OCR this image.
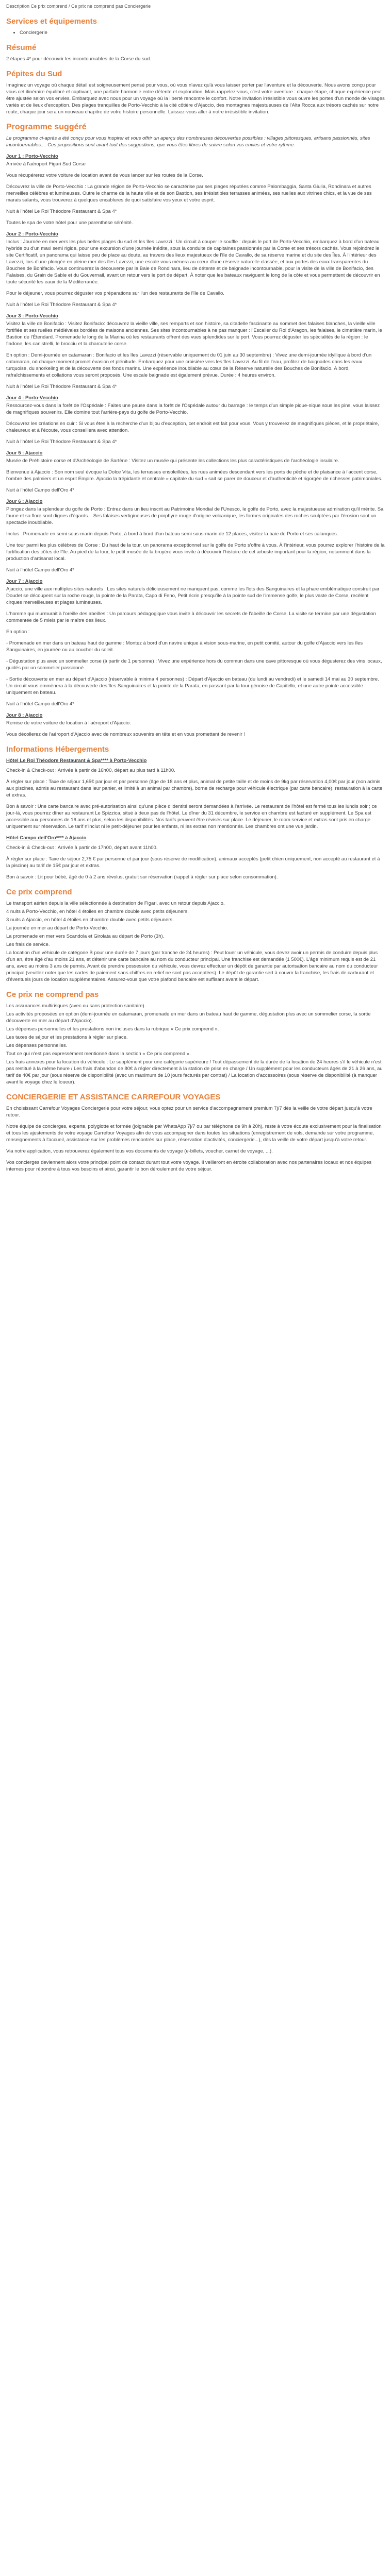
Description Ce prix comprend / Ce prix ne comprend pas Conciergerie
Services et équipements
• Conciergerie
Résumé

2 étapes 4* pour découvrir les incontournables de la Corse du sud.

Pépites du Sud

Imaginez un voyage où chaque détail est soigneusement pensé pour vous, où vous n'avez qu'à vous laisser porter par l'aventure et la découverte. Nous avons conçu pour vous cet itinéraire équilibré et captivant, une parfaite harmonie entre détente et exploration. Mais rappelez-vous, c'est votre aventure : chaque étape, chaque expérience peut être ajustée selon vos envies. Embarquez avec nous pour un voyage où la liberté rencontre le confort. Notre invitation irrésistible vous ouvre les portes d'un monde de visages variés et de lieux d'exception. Des plages tranquilles de Porto-Vecchio à la cité côtière d'Ajaccio, des montagnes majestueuses de l'Alta Rocca aux trésors cachés sur notre route, chaque jour sera un nouveau chapitre de votre histoire personnelle. Laissez-vous aller à notre irrésistible invitation.

Programme suggéré

Le programme ci-après a été conçu pour vous inspirer et vous offrir un aperçu des nombreuses découvertes possibles : villages pittoresques, artisans passionnés, sites incontournables.... Ces propositions sont avant tout des suggestions, que vous êtes libres de suivre selon vos envies et votre rythme.

Jour 1 : Porto-Vecchio

Arrivée à l'aéroport Figari Sud Corse

Vous récupérerez votre voiture de location avant de vous lancer sur les routes de la Corse.

Découvrez la ville de Porto-Vecchio : La grande région de Porto-Vecchio se caractérise par ses plages réputées comme Palombaggia, Santa Giulia, Rondinara et autres merveilles célèbres et lumineuses. Outre le charme de la haute ville et de son Bastion, ses irrésistibles terrasses animées, ses ruelles aux vitrines chics, et la vue de ses marais salants, vous trouverez à quelques encablures de quoi satisfaire vos yeux et votre esprit.

Nuit à l'hôtel Le Roi Théodore Restaurant & Spa 4*

Toutes le spa de votre hôtel pour une parenthèse sérénité.

Jour 2 : Porto-Vecchio

Inclus : Journée en mer vers les plus belles plages du sud et les îles Lavezzi : Un circuit à couper le souffle : depuis le port de Porto-Vecchio, embarquez à bord d'un bateau hybride ou d'un maxi semi rigide, pour une excursion d'une journée inédite, sous la conduite de capitaines passionnés par la Corse et ses trésors cachés. Vous rejoindrez le site Certificatif, un panorama qui laisse peu de place au doute, au travers des lieux majestueux de l'île de Cavallo, de sa réserve marine et du site des Îles. À l'intérieur des Lavezzi, lors d'une plongée en pleine mer des îles Lavezzi, une escale vous mènera au cœur d'une réserve naturelle classée, et aux portes des eaux transparentes du Bouches de Bonifacio. Vous continuerez la découverte par la Baie de Rondinara, lieu de détente et de baignade incontournable, pour la visite de la ville de Bonifacio, des Falaises, du Grain de Sable et du Gouvernail, avant un retour vers le port de départ. À noter que les bateaux naviguent le long de la côte et vous permettent de découvrir en toute sécurité les eaux de la Méditerranée.

Pour le déjeuner, vous pourrez déguster vos préparations sur l'un des restaurants de l'île de Cavallo.

Nuit à l'hôtel Le Roi Théodore Restaurant & Spa 4*

Jour 3 : Porto-Vecchio

Visitez la ville de Bonifacio : Visitez Bonifacio: découvrez la vieille ville, ses remparts et son histoire, sa citadelle fascinante au sommet des falaises blanches, la vieille ville fortifiée et ses ruelles médiévales bordées de maisons anciennes. Ses sites incontournables à ne pas manquer : l'Escalier du Roi d'Aragon, les falaises, le cimetière marin, le Bastion de l'Étendard. Promenade le long de la Marina où les restaurants offrent des vues splendides sur le port. Vous pourrez déguster les spécialités de la région : le fiadone, les canistrelli, le brocciu et la charcuterie corse.

En option : Demi-journée en catamaran : Bonifacio et les îles Lavezzi (réservable uniquement du 01 juin au 30 septembre) : Vivez une demi-journée idyllique à bord d'un catamaran, où chaque moment promet évasion et plénitude. Embarquez pour une croisière vers les îles Lavezzi. Au fil de l'eau, profitez de baignades dans les eaux turquoise, du snorkeling et de la découverte des fonds marins. Une expérience inoubliable au cœur de la Réserve naturelle des Bouches de Bonifacio. À bord, rafraîchissements et collations vous seront proposés. Une escale baignade est également prévue. Durée : 4 heures environ.

Nuit à l'hôtel Le Roi Théodore Restaurant & Spa 4*

Jour 4 : Porto-Vecchio

Ressourcez-vous dans la forêt de l'Ospédale : Faites une pause dans la forêt de l'Ospédale autour du barrage : le temps d'un simple pique-nique sous les pins, vous laissez de magnifiques souvenirs. Elle domine tout l'arrière-pays du golfe de Porto-Vecchio.

Découvrez les créations en cuir : Si vous êtes à la recherche d'un bijou d'exception, cet endroit est fait pour vous. Vous y trouverez de magnifiques pièces, et le propriétaire, chaleureux et à l'écoute, vous conseillera avec attention.

Nuit à l'hôtel Le Roi Théodore Restaurant & Spa 4*

Jour 5 : Ajaccio

Musée de Préhistoire corse et d'Archéologie de Sartène : Visitez un musée qui présente les collections les plus caractéristiques de l'archéologie insulaire.

Bienvenue à Ajaccio : Son nom seul évoque la Dolce Vita, les terrasses ensoleillées, les rues animées descendant vers les ports de pêche et de plaisance à l'accent corse, l'ombre des palmiers et un esprit Empire. Ajaccio la trépidante et centrale « capitale du sud » sait se parer de douceur et d'authenticité et rigorgée de richesses patrimoniales.

Nuit à l'hôtel Campo dell'Oro 4*

Jour 6 : Ajaccio

Plongez dans la splendeur du golfe de Porto : Entrez dans un lieu inscrit au Patrimoine Mondial de l'Unesco, le golfe de Porto, avec la majestueuse admiration qu'il mérite. Sa faune et sa flore sont dignes d'égards... Ses falaises vertigineuses de porphyre rouge d'origine volcanique, les formes originales des roches sculptées par l'érosion sont un spectacle inoubliable.

Inclus : Promenade en semi sous-marin depuis Porto, à bord à bord d'un bateau semi sous-marin de 12 places, visitez la baie de Porto et ses calanques.

Une tour parmi les plus célèbres de Corse : Du haut de la tour, un panorama exceptionnel sur le golfe de Porto s'offre à vous. À l'intérieur, vous pourrez explorer l'histoire de la fortification des côtes de l'île. Au pied de la tour, le petit musée de la bruyère vous invite à découvrir l'histoire de cet arbuste important pour la région, notamment dans la production d'artisanat local.

Nuit à l'hôtel Campo dell'Oro 4*

Jour 7 : Ajaccio

Ajaccio, une ville aux multiples sites naturels : Les sites naturels délicieusement ne manquent pas, comme les îlots des Sanguinaires et la phare emblématique construit par Doudet se découpent sur la roche rouge, la pointe de la Parata, Capo di Feno, Petit écrin presqu'île à la pointe sud de l'immense golfe, le plus vaste de Corse, recèlent cirques merveilleuses et plages lumineuses.

L'homme qui murmurait à l'oreille des abeilles : Un parcours pédagogique vous invite à découvrir les secrets de l'abeille de Corse. La visite se termine par une dégustation commentée de 5 miels par le maître des lieux.

En option :

- Promenade en mer dans un bateau haut de gamme : Montez à bord d'un navire unique à vision sous-marine, en petit comité, autour du golfe d'Ajaccio vers les îles Sanguinaires, en journée ou au coucher du soleil.

- Dégustation plus avec un sommelier corse (à partir de 1 personne) : Vivez une expérience hors du commun dans une cave pittoresque où vous dégusterez des vins locaux, guidés par un sommelier passionné.

- Sortie découverte en mer au départ d'Ajaccio (réservable à minima 4 personnes) : Départ d'Ajaccio en bateau (du lundi au vendredi) et le samedi 14 mai au 30 septembre. Un circuit vous emmènera à la découverte des îles Sanguinaires et la pointe de la Parata, en passant par la tour génoise de Capitello, et une autre pointe accessible uniquement en bateau.

Nuit à l'hôtel Campo dell'Oro 4*

Jour 8 : Ajaccio

Remise de votre voiture de location à l'aéroport d'Ajaccio.

Vous décollerez de l'aéroport d'Ajaccio avec de nombreux souvenirs en tête et en vous promettant de revenir !

Informations Hébergements
Hôtel Le Roi Théodore Restaurant & Spa**** à Porto-Vecchio

Check-in & Check-out : Arrivée à partir de 16h00, départ au plus tard à 11h00.

À régler sur place : Taxe de séjour 1,65€ par jour et par personne (âge de 18 ans et plus, animal de petite taille et de moins de 9kg par réservation 4,00€ par jour (non admis aux piscines, admis au restaurant dans leur panier, et limité à un animal par chambre), borne de recharge pour véhicule électrique (par carte bancaire), restauration à la carte et extras.

Bon à savoir : Une carte bancaire avec pré-autorisation ainsi qu'une pièce d'identité seront demandées à l'arrivée. Le restaurant de l'hôtel est fermé tous les lundis soir ; ce jour-là, vous pourrez dîner au restaurant Le Spizzica, situé à deux pas de l'hôtel. Le dîner du 31 décembre, le service en chambre est facturé en supplément. Le Spa est accessible aux personnes de 16 ans et plus, selon les disponibilités. Nos tarifs peuvent être révisés sur place. Le déjeuner, le room service et extras sont pris en charge uniquement sur réservation. Le tarif n'inclut ni le petit-déjeuner pour les enfants, ni les extras non mentionnés. Les chambres ont une vue jardin.

Hôtel Campo dell'Oro**** à Ajaccio

Check-in & Check-out : Arrivée à partir de 17h00, départ avant 11h00.

À régler sur place : Taxe de séjour 2,75 € par personne et par jour (sous réserve de modification), animaux acceptés (petit chien uniquement, non accepté au restaurant et à la piscine) au tarif de 15€ par jour et extras.

Bon à savoir : Lit pour bébé, âgé de 0 à 2 ans révolus, gratuit sur réservation (rappel à régler sur place selon consommation).

Ce prix comprend

Le transport aérien depuis la ville sélectionnée à destination de Figari, avec un retour depuis Ajaccio.

4 nuits à Porto-Vecchio, en hôtel 4 étoiles en chambre double avec petits déjeuners.

3 nuits à Ajaccio, en hôtel 4 étoiles en chambre double avec petits déjeuners.

La journée en mer au départ de Porto-Vecchio.

La promenade en mer vers Scandola et Girolata au départ de Porto (3h).

Les frais de service.

La location d'un véhicule de catégorie B pour une durée de 7 jours (par tranche de 24 heures) : Peut louer un véhicule, vous devez avoir un permis de conduire depuis plus d'un an, être âgé d'au moins 21 ans, et détenir une carte bancaire au nom du conducteur principal. Une franchise est demandée (1 500€). L'âge minimum requis est de 21 ans, avec au moins 3 ans de permis. Avant de prendre possession du véhicule, vous devrez effectuer un dépôt de garantie par autorisation bancaire au nom du conducteur principal (veuillez noter que les cartes de paiement sans chiffres en relief ne sont pas acceptées). Le dépôt de garantie sert à couvrir la franchise, les frais de carburant et d'éventuels jours de location supplémentaires. Assurez-vous que votre plafond bancaire est suffisant avant le départ.

Ce prix ne comprend pas

Les assurances multirisques (avec ou sans protection sanitaire).

Les activités proposées en option (demi-journée en catamaran, promenade en mer dans un bateau haut de gamme, dégustation plus avec un sommelier corse, la sortie découverte en mer au départ d'Ajaccio).

Les dépenses personnelles et les prestations non incluses dans la rubrique « Ce prix comprend ».

Les taxes de séjour et les prestations à régler sur place.

Les dépenses personnelles.

Tout ce qui n'est pas expressément mentionné dans la section « Ce prix comprend ».

Les frais annexes pour la location du véhicule : Le supplément pour une catégorie supérieure / Tout dépassement de la durée de la location de 24 heures s'il le véhicule n'est pas restitué à la même heure / Les frais d'abandon de 80€ à régler directement à la station de prise en charge / Un supplément pour les conducteurs âgés de 21 à 26 ans, au tarif de 40€ par jour (sous réserve de disponibilité (avec un maximum de 10 jours facturés par contrat) / La location d'accessoires (sous réserve de disponibilité (à manquer avant le voyage chez le loueur).

CONCIERGERIE ET ASSISTANCE CARREFOUR VOYAGES

En choisissant Carrefour Voyages Conciergerie pour votre séjour, vous optez pour un service d'accompagnement premium 7j/7 dès la veille de votre départ jusqu'à votre retour.

Notre équipe de concierges, experte, polyglotte et formée (joignable par WhatsApp 7j/7 ou par téléphone de 9h à 20h), reste à votre écoute exclusivement pour la finalisation et tous les ajustements de votre voyage Carrefour Voyages afin de vous accompagner dans toutes les situations (enregistrement de vols, demande sur votre programme, renseignements à l'accueil, assistance sur les problèmes rencontrés sur place, réservation d'activités, conciergerie...), dès la veille de votre départ jusqu'à votre retour.

Via notre application, vous retrouverez également tous vos documents de voyage (e-billets, voucher, carnet de voyage, ...).

Vos concierges deviennent alors votre principal point de contact durant tout votre voyage. Il veilleront en étroite collaboration avec nos partenaires locaux et nos équipes internes pour répondre à tous vos besoins et ainsi, garantir le bon déroulement de votre séjour.
